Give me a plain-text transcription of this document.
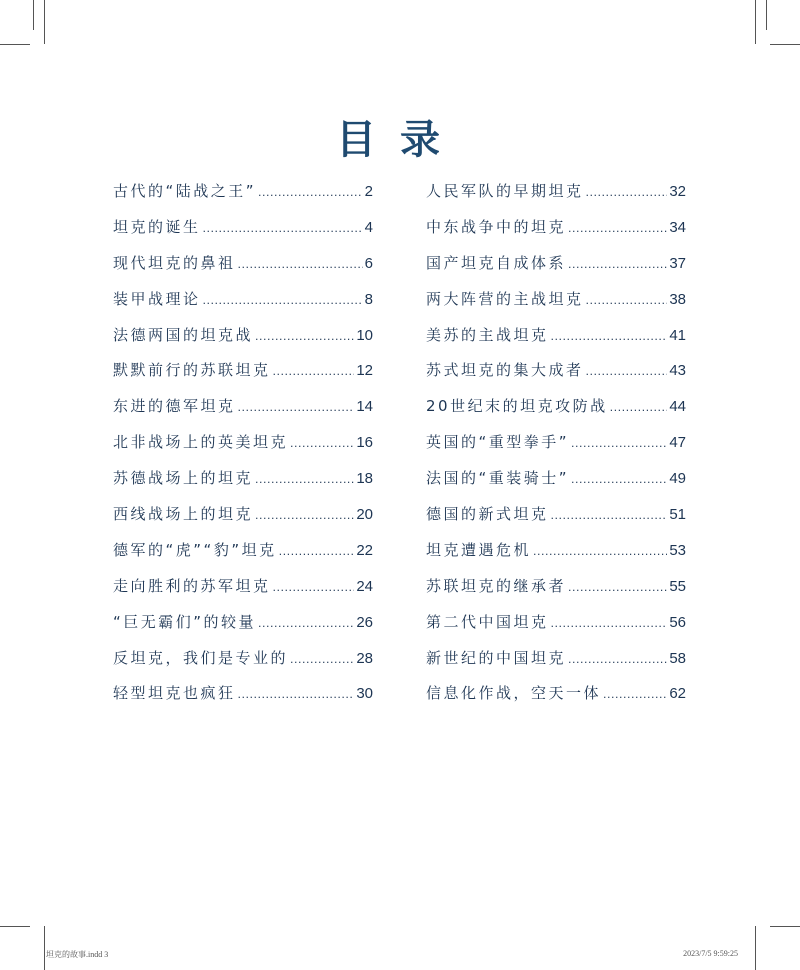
目录
古代的“陆战之王” .....	2
坦克的诞生 .....	4
现代坦克的鼻祖 .....	6
装甲战理论 .....	8
法德两国的坦克战 .....	10
默默前行的苏联坦克 .....	12
东进的德军坦克 .....	14
北非战场上的英美坦克 .....	16
苏德战场上的坦克 .....	18
西线战场上的坦克 .....	20
德军的“虎”“豹”坦克 .....	22
走向胜利的苏军坦克 .....	24
“巨无霸们”的较量 .....	26
反坦克，我们是专业的 .....	28
轻型坦克也疯狂 .....	30
人民军队的早期坦克 .....	32
中东战争中的坦克 .....	34
国产坦克自成体系 .....	37
两大阵营的主战坦克 .....	38
美苏的主战坦克 .....	41
苏式坦克的集大成者 .....	43
20世纪末的坦克攻防战 .....	44
英国的“重型拳手” .....	47
法国的“重装骑士” .....	49
德国的新式坦克 .....	51
坦克遭遇危机 .....	53
苏联坦克的继承者 .....	55
第二代中国坦克 .....	56
新世纪的中国坦克 .....	58
信息化作战，空天一体 .....	62
坦克的故事.indd 3	2023/7/5 9:59:25
